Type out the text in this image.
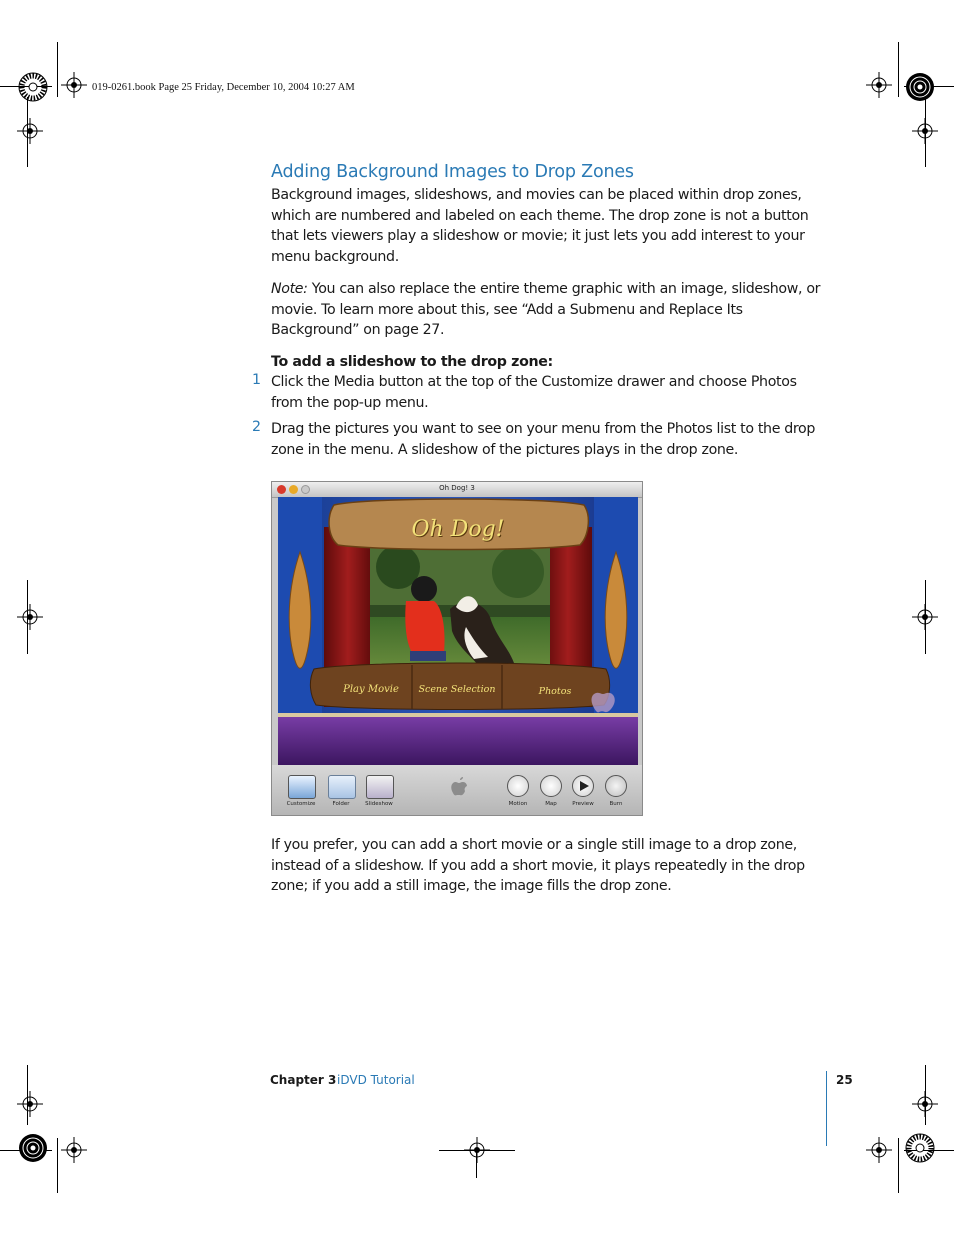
019-0261.book Page 25 Friday, December 10, 2004 10:27 AM
Adding Background Images to Drop Zones

Background images, slideshows, and movies can be placed within drop zones, which are numbered and labeled on each theme. The drop zone is not a button that lets viewers play a slideshow or movie; it just lets you add interest to your menu background.

Note: You can also replace the entire theme graphic with an image, slideshow, or movie. To learn more about this, see “Add a Submenu and Replace Its Background” on page 27.

To add a slideshow to the drop zone:

1 Click the Media button at the top of the Customize drawer and choose Photos from the pop-up menu.

2 Drag the pictures you want to see on your menu from the Photos list to the drop zone in the menu. A slideshow of the pictures plays in the drop zone.

Oh Dog! 3
Oh Dog!
Play Movie	Scene Selection	Photos
Customize	Folder	Slideshow	Motion	Map	Preview	Burn

If you prefer, you can add a short movie or a single still image to a drop zone, instead of a slideshow. If you add a short movie, it plays repeatedly in the drop zone; if you add a still image, the image fills the drop zone.

Chapter 3 iDVD Tutorial	25
